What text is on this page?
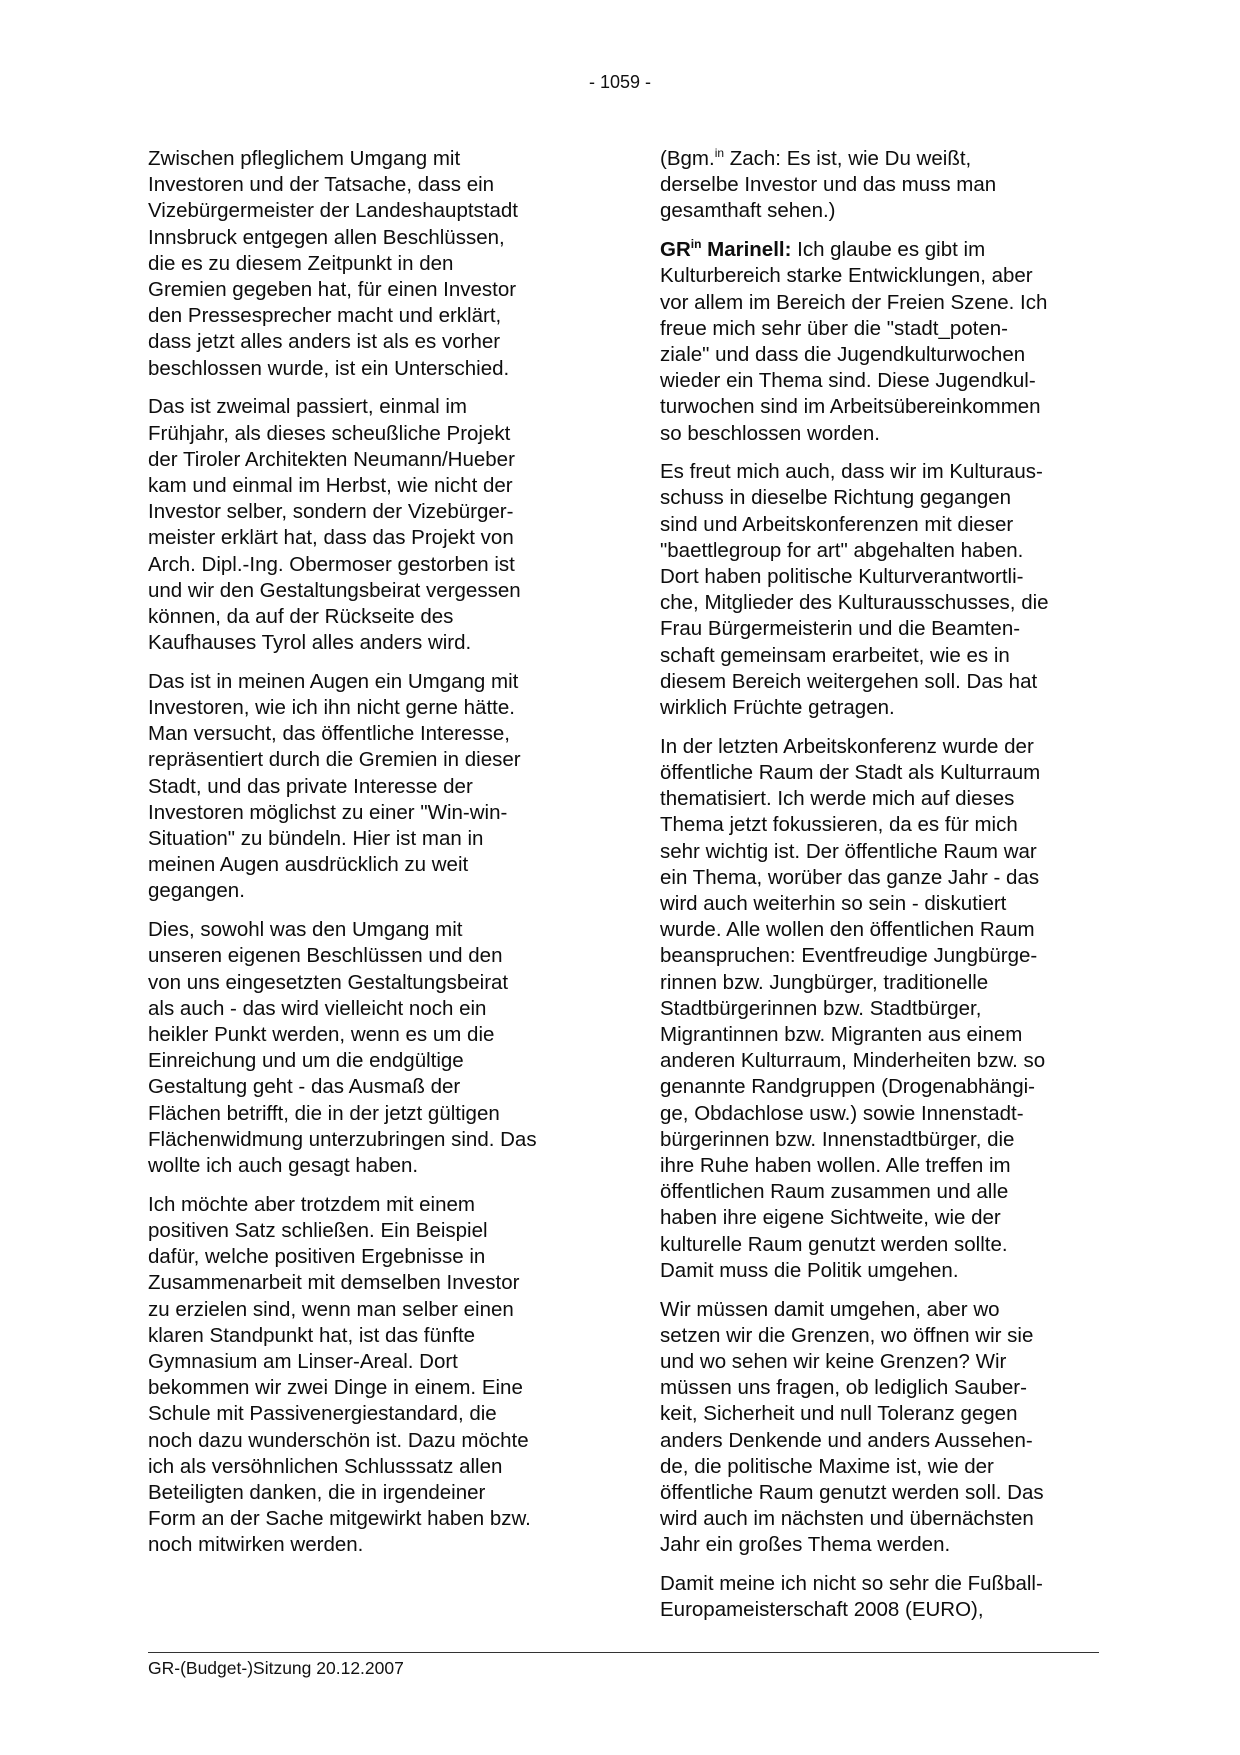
- 1059 -

Zwischen pfleglichem Umgang mit
Investoren und der Tatsache, dass ein
Vizebürgermeister der Landeshauptstadt
Innsbruck entgegen allen Beschlüssen,
die es zu diesem Zeitpunkt in den
Gremien gegeben hat, für einen Investor
den Pressesprecher macht und erklärt,
dass jetzt alles anders ist als es vorher
beschlossen wurde, ist ein Unterschied.

Das ist zweimal passiert, einmal im
Frühjahr, als dieses scheußliche Projekt
der Tiroler Architekten Neumann/Hueber
kam und einmal im Herbst, wie nicht der
Investor selber, sondern der Vizebürger-
meister erklärt hat, dass das Projekt von
Arch. Dipl.-Ing. Obermoser gestorben ist
und wir den Gestaltungsbeirat vergessen
können, da auf der Rückseite des
Kaufhauses Tyrol alles anders wird.

Das ist in meinen Augen ein Umgang mit
Investoren, wie ich ihn nicht gerne hätte.
Man versucht, das öffentliche Interesse,
repräsentiert durch die Gremien in dieser
Stadt, und das private Interesse der
Investoren möglichst zu einer "Win-win-
Situation" zu bündeln. Hier ist man in
meinen Augen ausdrücklich zu weit
gegangen.

Dies, sowohl was den Umgang mit
unseren eigenen Beschlüssen und den
von uns eingesetzten Gestaltungsbeirat
als auch - das wird vielleicht noch ein
heikler Punkt werden, wenn es um die
Einreichung und um die endgültige
Gestaltung geht - das Ausmaß der
Flächen betrifft, die in der jetzt gültigen
Flächenwidmung unterzubringen sind. Das
wollte ich auch gesagt haben.

Ich möchte aber trotzdem mit einem
positiven Satz schließen. Ein Beispiel
dafür, welche positiven Ergebnisse in
Zusammenarbeit mit demselben Investor
zu erzielen sind, wenn man selber einen
klaren Standpunkt hat, ist das fünfte
Gymnasium am Linser-Areal. Dort
bekommen wir zwei Dinge in einem. Eine
Schule mit Passivenergiestandard, die
noch dazu wunderschön ist. Dazu möchte
ich als versöhnlichen Schlusssatz allen
Beteiligten danken, die in irgendeiner
Form an der Sache mitgewirkt haben bzw.
noch mitwirken werden.

(Bgm.$^{in}$ Zach: Es ist, wie Du weißt,
derselbe Investor und das muss man
gesamthaft sehen.)

$GR^{in}$ Marinell: Ich glaube es gibt im
Kulturbereich starke Entwicklungen, aber
vor allem im Bereich der Freien Szene. Ich
freue mich sehr über die "stadt_poten-
ziale" und dass die Jugendkulturwochen
wieder ein Thema sind. Diese Jugendkul-
turwochen sind im Arbeitsübereinkommen
so beschlossen worden.

Es freut mich auch, dass wir im Kulturaus-
schuss in dieselbe Richtung gegangen
sind und Arbeitskonferenzen mit dieser
"baettlegroup for art" abgehalten haben.
Dort haben politische Kulturverantwortli-
che, Mitglieder des Kulturausschusses, die
Frau Bürgermeisterin und die Beamten-
schaft gemeinsam erarbeitet, wie es in
diesem Bereich weitergehen soll. Das hat
wirklich Früchte getragen.

In der letzten Arbeitskonferenz wurde der
öffentliche Raum der Stadt als Kulturraum
thematisiert. Ich werde mich auf dieses
Thema jetzt fokussieren, da es für mich
sehr wichtig ist. Der öffentliche Raum war
ein Thema, worüber das ganze Jahr - das
wird auch weiterhin so sein - diskutiert
wurde. Alle wollen den öffentlichen Raum
beanspruchen: Eventfreudige Jungbürge-
rinnen bzw. Jungbürger, traditionelle
Stadtbürgerinnen bzw. Stadtbürger,
Migrantinnen bzw. Migranten aus einem
anderen Kulturraum, Minderheiten bzw. so
genannte Randgruppen (Drogenabhängi-
ge, Obdachlose usw.) sowie Innenstadt-
bürgerinnen bzw. Innenstadtbürger, die
ihre Ruhe haben wollen. Alle treffen im
öffentlichen Raum zusammen und alle
haben ihre eigene Sichtweite, wie der
kulturelle Raum genutzt werden sollte.
Damit muss die Politik umgehen.

Wir müssen damit umgehen, aber wo
setzen wir die Grenzen, wo öffnen wir sie
und wo sehen wir keine Grenzen? Wir
müssen uns fragen, ob lediglich Sauber-
keit, Sicherheit und null Toleranz gegen
anders Denkende und anders Aussehen-
de, die politische Maxime ist, wie der
öffentliche Raum genutzt werden soll. Das
wird auch im nächsten und übernächsten
Jahr ein großes Thema werden.

Damit meine ich nicht so sehr die Fußball-
Europameisterschaft 2008 (EURO),

GR-(Budget-)Sitzung 20.12.2007
